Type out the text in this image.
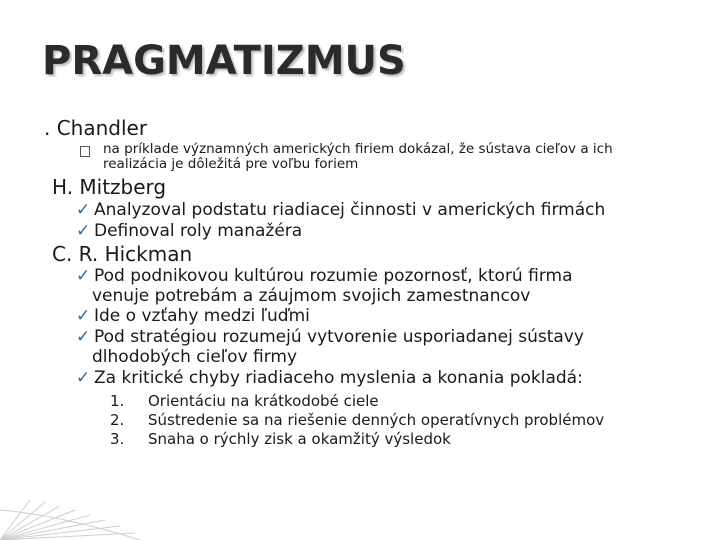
PRAGMATIZMUS
. Chandler
na príklade významných amerických firiem dokázal, že sústava cieľov a ich
realizácia je dôležitá pre voľbu foriem
H. Mitzberg
✓ Analyzoval podstatu riadiacej činnosti v amerických firmách
✓ Definoval roly manažéra
C. R. Hickman
✓ Pod podnikovou kultúrou rozumie pozornosť, ktorú firma
venuje potrebám a záujmom svojich zamestnancov
✓ Ide o vzťahy medzi ľuďmi
✓ Pod stratégiou rozumejú vytvorenie usporiadanej sústavy
dlhodobých cieľov firmy
✓ Za kritické chyby riadiaceho myslenia a konania pokladá:
1. Orientáciu na krátkodobé ciele
2. Sústredenie sa na riešenie denných operatívnych problémov
3. Snaha o rýchly zisk a okamžitý výsledok
